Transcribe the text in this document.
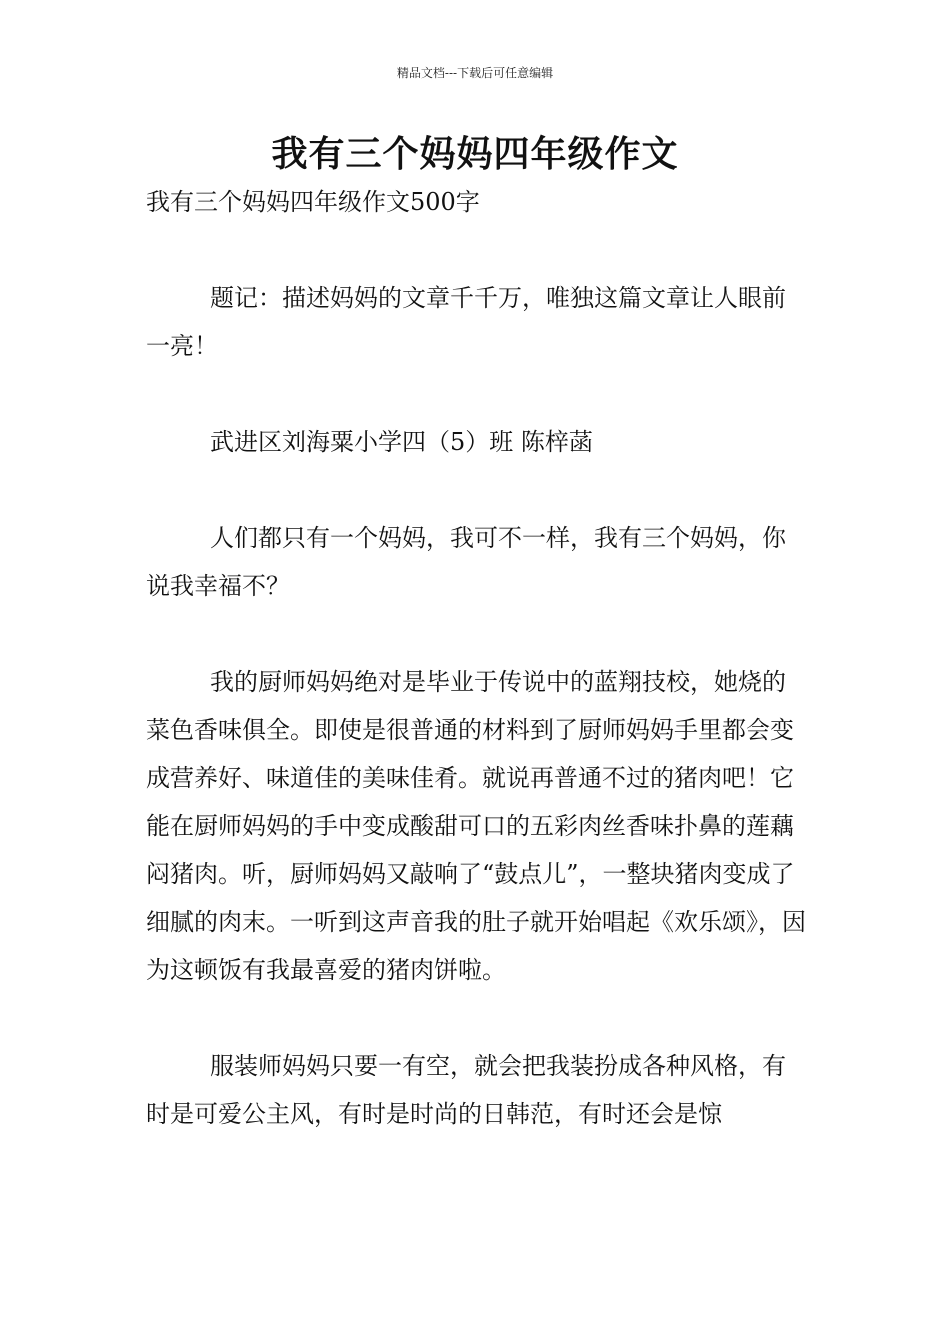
精品文档---下载后可任意编辑
我有三个妈妈四年级作文

我有三个妈妈四年级作文500字

题记：描述妈妈的文章千千万，唯独这篇文章让人眼前一亮！

武进区刘海粟小学四（5）班 陈梓菡

人们都只有一个妈妈，我可不一样，我有三个妈妈，你说我幸福不？

我的厨师妈妈绝对是毕业于传说中的蓝翔技校，她烧的菜色香味俱全。即使是很普通的材料到了厨师妈妈手里都会变成营养好、味道佳的美味佳肴。就说再普通不过的猪肉吧！它能在厨师妈妈的手中变成酸甜可口的五彩肉丝香味扑鼻的莲藕闷猪肉。听，厨师妈妈又敲响了“鼓点儿”，一整块猪肉变成了细腻的肉末。一听到这声音我的肚子就开始唱起《欢乐颂》，因为这顿饭有我最喜爱的猪肉饼啦。

服装师妈妈只要一有空，就会把我装扮成各种风格，有时是可爱公主风，有时是时尚的日韩范，有时还会是惊
